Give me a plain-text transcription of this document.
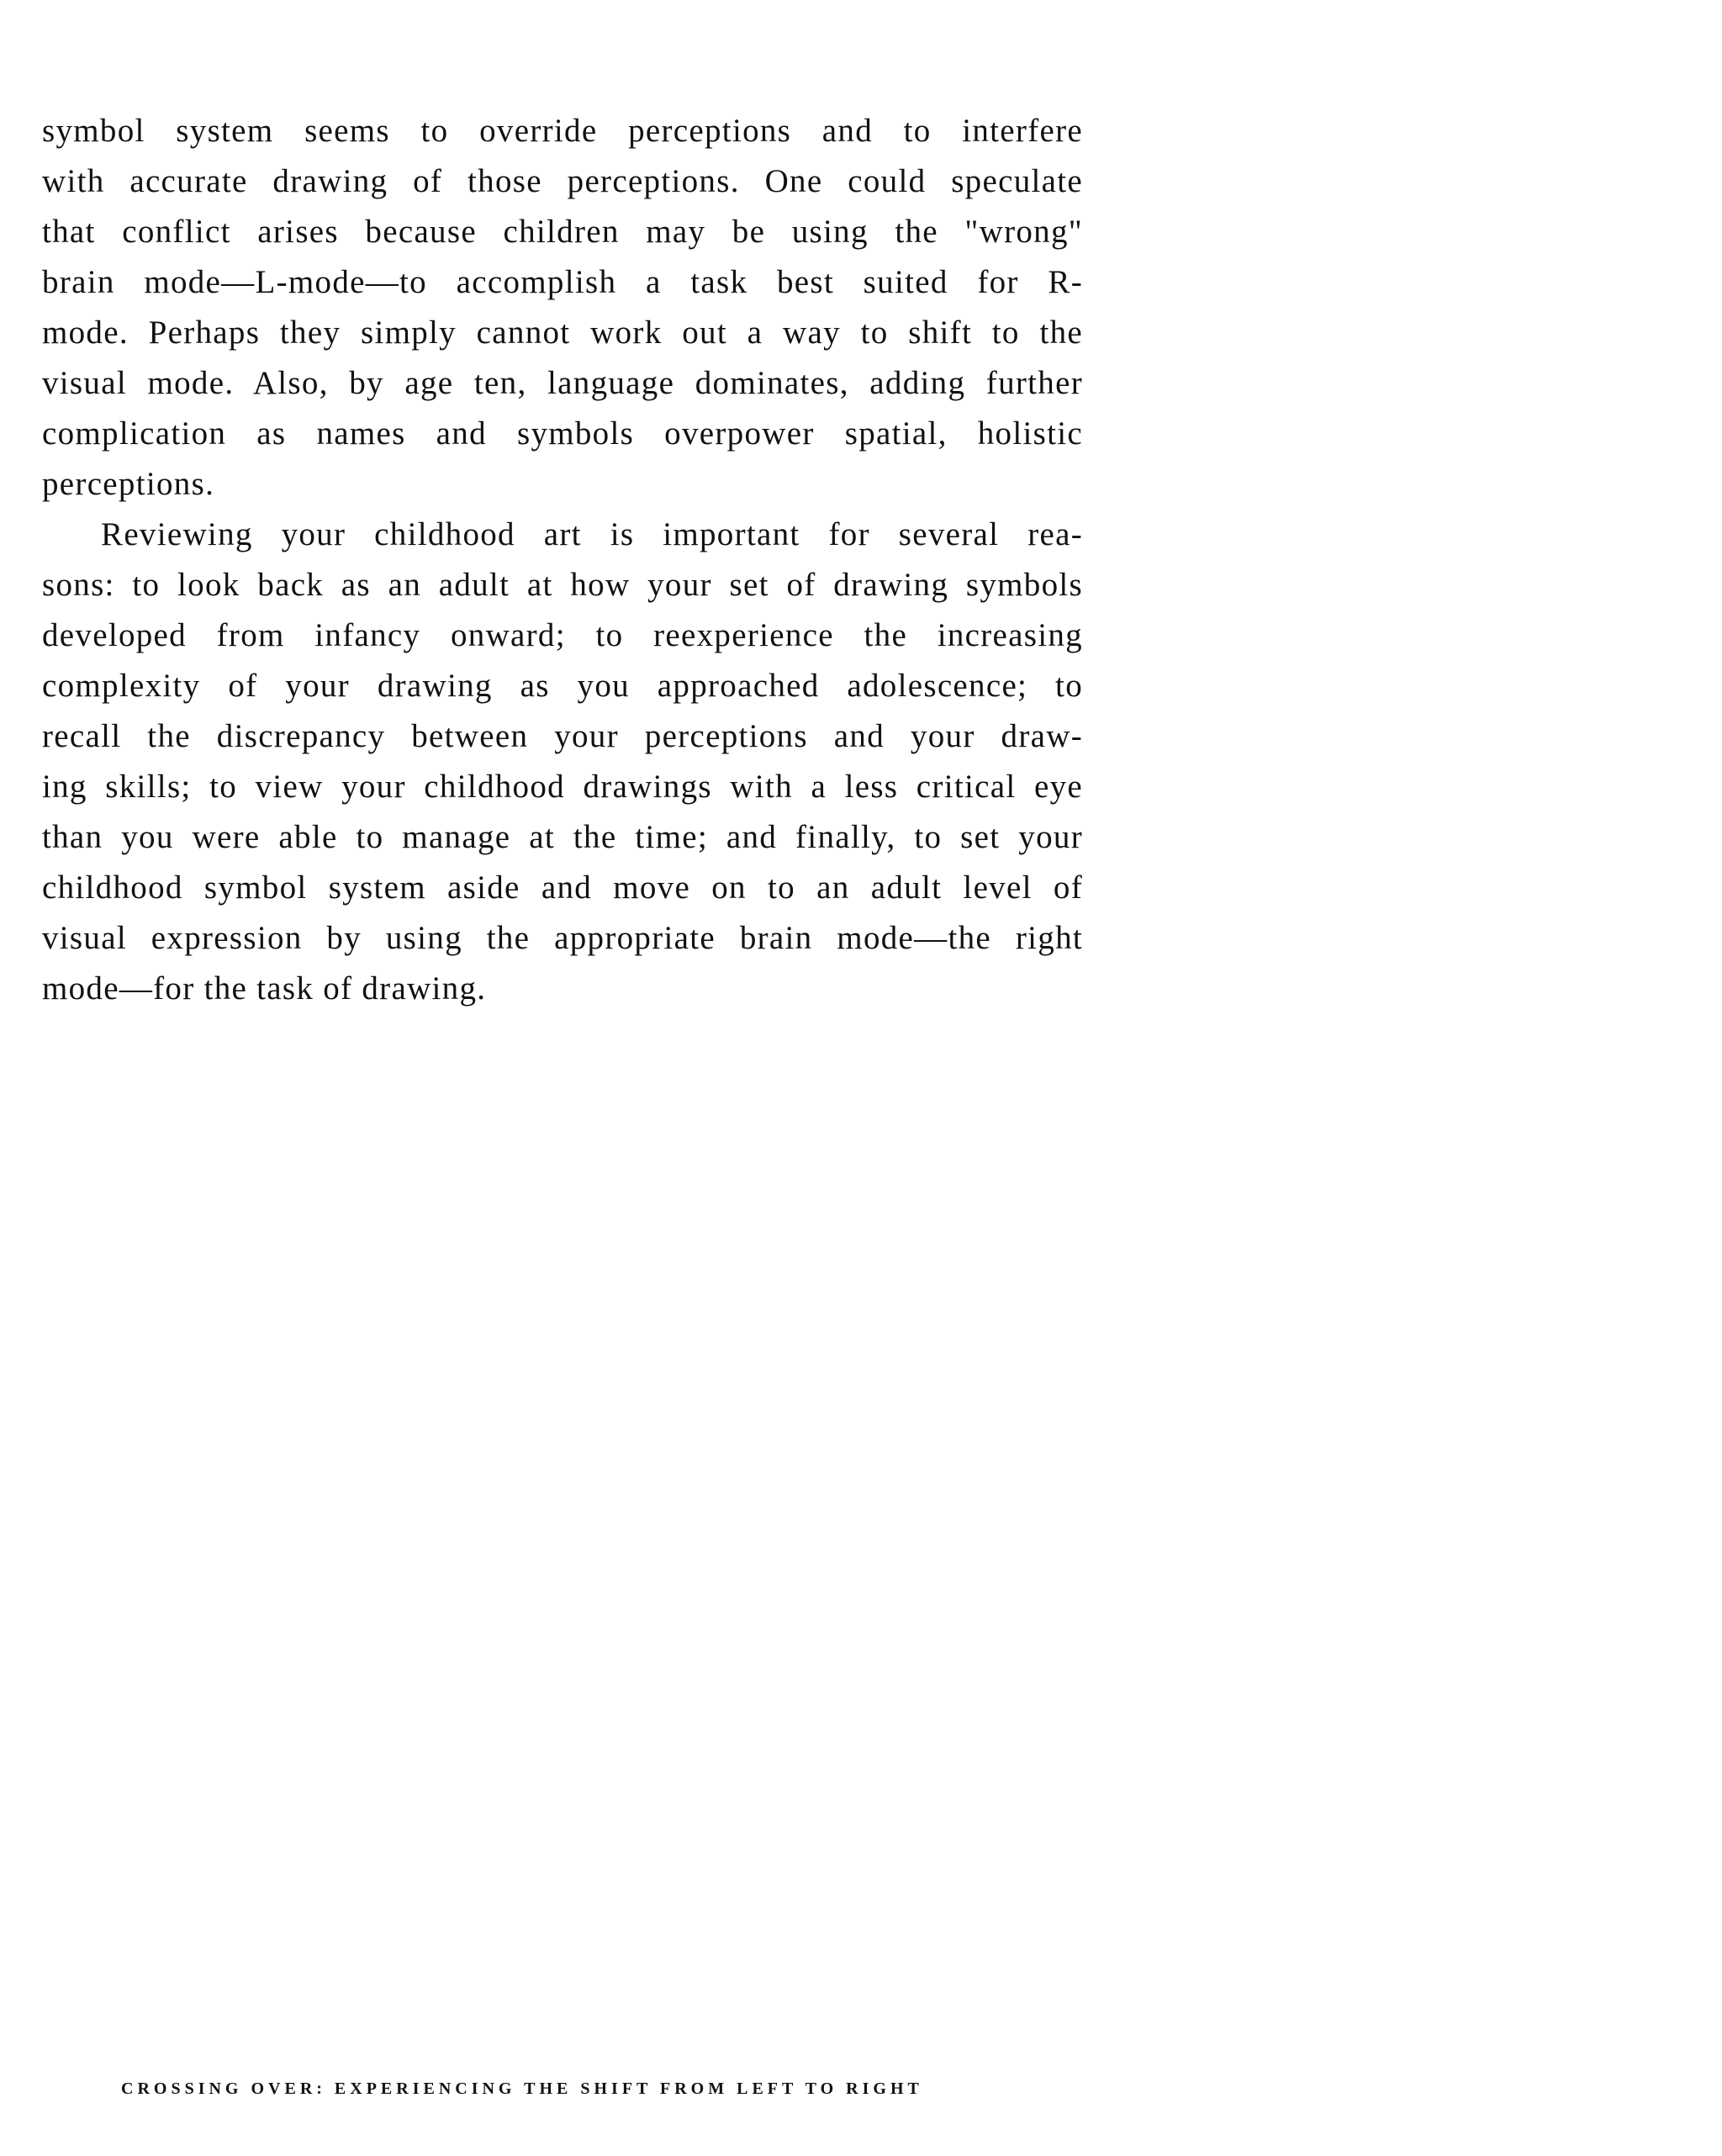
symbol system seems to override perceptions and to interfere
with accurate drawing of those perceptions. One could speculate
that conflict arises because children may be using the "wrong"
brain mode—L-mode—to accomplish a task best suited for R-
mode. Perhaps they simply cannot work out a way to shift to the
visual mode. Also, by age ten, language dominates, adding further
complication as names and symbols overpower spatial, holistic
perceptions.
Reviewing your childhood art is important for several rea-
sons: to look back as an adult at how your set of drawing symbols
developed from infancy onward; to reexperience the increasing
complexity of your drawing as you approached adolescence; to
recall the discrepancy between your perceptions and your draw-
ing skills; to view your childhood drawings with a less critical eye
than you were able to manage at the time; and finally, to set your
childhood symbol system aside and move on to an adult level of
visual expression by using the appropriate brain mode—the right
mode—for the task of drawing.
CROSSING OVER: EXPERIENCING THE SHIFT FROM LEFT TO RIGHT
